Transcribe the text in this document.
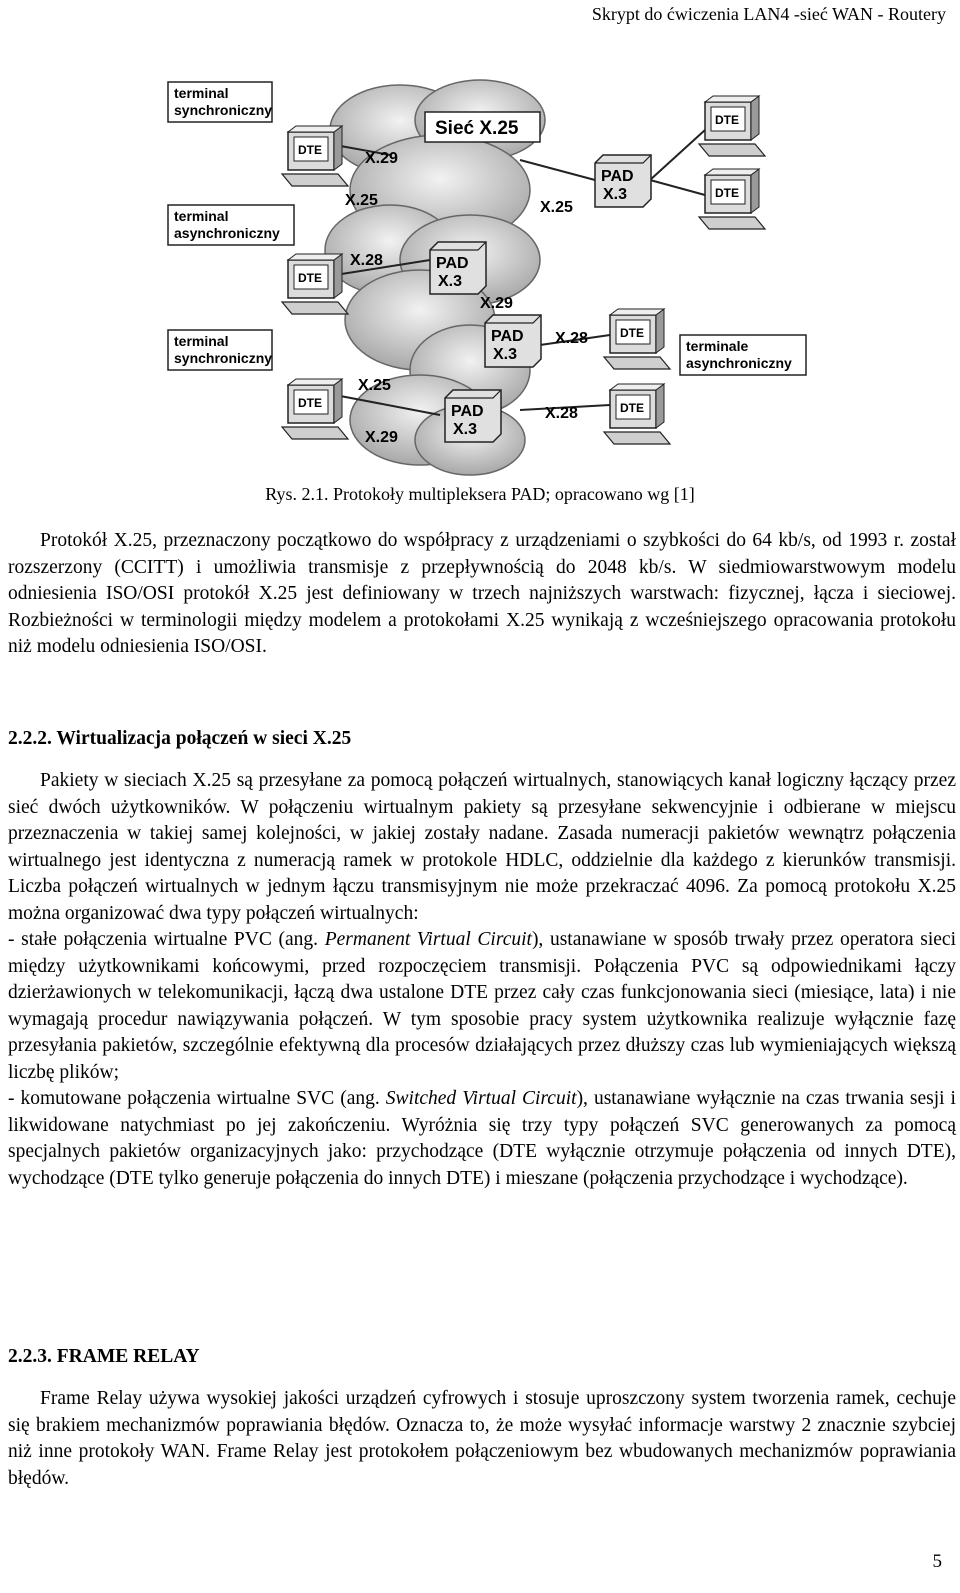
Skrypt do ćwiczenia LAN4 -sieć WAN - Routery
terminal
synchroniczny
terminal
asynchroniczny
terminal
synchroniczny
terminale
asynchroniczny
Sieć X.25
DTE
DTE
DTE
DTE
DTE
DTE
DTE
PAD
X.3
PAD
X.3
PAD
X.3
PAD
X.3
X.29
X.25	X.25
X.28
X.29
X.28
X.25
X.29
X.28
Rys. 2.1. Protokoły multipleksera PAD; opracowano wg [1]

Protokół X.25, przeznaczony początkowo do współpracy z urządzeniami o szybkości do 64 kb/s, od 1993 r. został rozszerzony (CCITT) i umożliwia transmisje z przepływnością do 2048 kb/s. W siedmiowarstwowym modelu odniesienia ISO/OSI protokół X.25 jest definiowany w trzech najniższych warstwach: fizycznej, łącza i sieciowej. Rozbieżności w terminologii między modelem a protokołami X.25 wynikają z wcześniejszego opracowania protokołu niż modelu odniesienia ISO/OSI.

2.2.2. Wirtualizacja połączeń w sieci X.25

Pakiety w sieciach X.25 są przesyłane za pomocą połączeń wirtualnych, stanowiących kanał logiczny łączący przez sieć dwóch użytkowników. W połączeniu wirtualnym pakiety są przesyłane sekwencyjnie i odbierane w miejscu przeznaczenia w takiej samej kolejności, w jakiej zostały nadane. Zasada numeracji pakietów wewnątrz połączenia wirtualnego jest identyczna z numeracją ramek w protokole HDLC, oddzielnie dla każdego z kierunków transmisji. Liczba połączeń wirtualnych w jednym łączu transmisyjnym nie może przekraczać 4096. Za pomocą protokołu X.25 można organizować dwa typy połączeń wirtualnych:

- stałe połączenia wirtualne PVC (ang. Permanent Virtual Circuit), ustanawiane w sposób trwały przez operatora sieci między użytkownikami końcowymi, przed rozpoczęciem transmisji. Połączenia PVC są odpowiednikami łączy dzierżawionych w telekomunikacji, łączą dwa ustalone DTE przez cały czas funkcjonowania sieci (miesiące, lata) i nie wymagają procedur nawiązywania połączeń. W tym sposobie pracy system użytkownika realizuje wyłącznie fazę przesyłania pakietów, szczególnie efektywną dla procesów działających przez dłuższy czas lub wymieniających większą liczbę plików;

- komutowane połączenia wirtualne SVC (ang. Switched Virtual Circuit), ustanawiane wyłącznie na czas trwania sesji i likwidowane natychmiast po jej zakończeniu. Wyróżnia się trzy typy połączeń SVC generowanych za pomocą specjalnych pakietów organizacyjnych jako: przychodzące (DTE wyłącznie otrzymuje połączenia od innych DTE), wychodzące (DTE tylko generuje połączenia do innych DTE) i mieszane (połączenia przychodzące i wychodzące).

2.2.3. FRAME RELAY

Frame Relay używa wysokiej jakości urządzeń cyfrowych i stosuje uproszczony system tworzenia ramek, cechuje się brakiem mechanizmów poprawiania błędów. Oznacza to, że może wysyłać informacje warstwy 2 znacznie szybciej niż inne protokoły WAN. Frame Relay jest protokołem połączeniowym bez wbudowanych mechanizmów poprawiania błędów.

5
